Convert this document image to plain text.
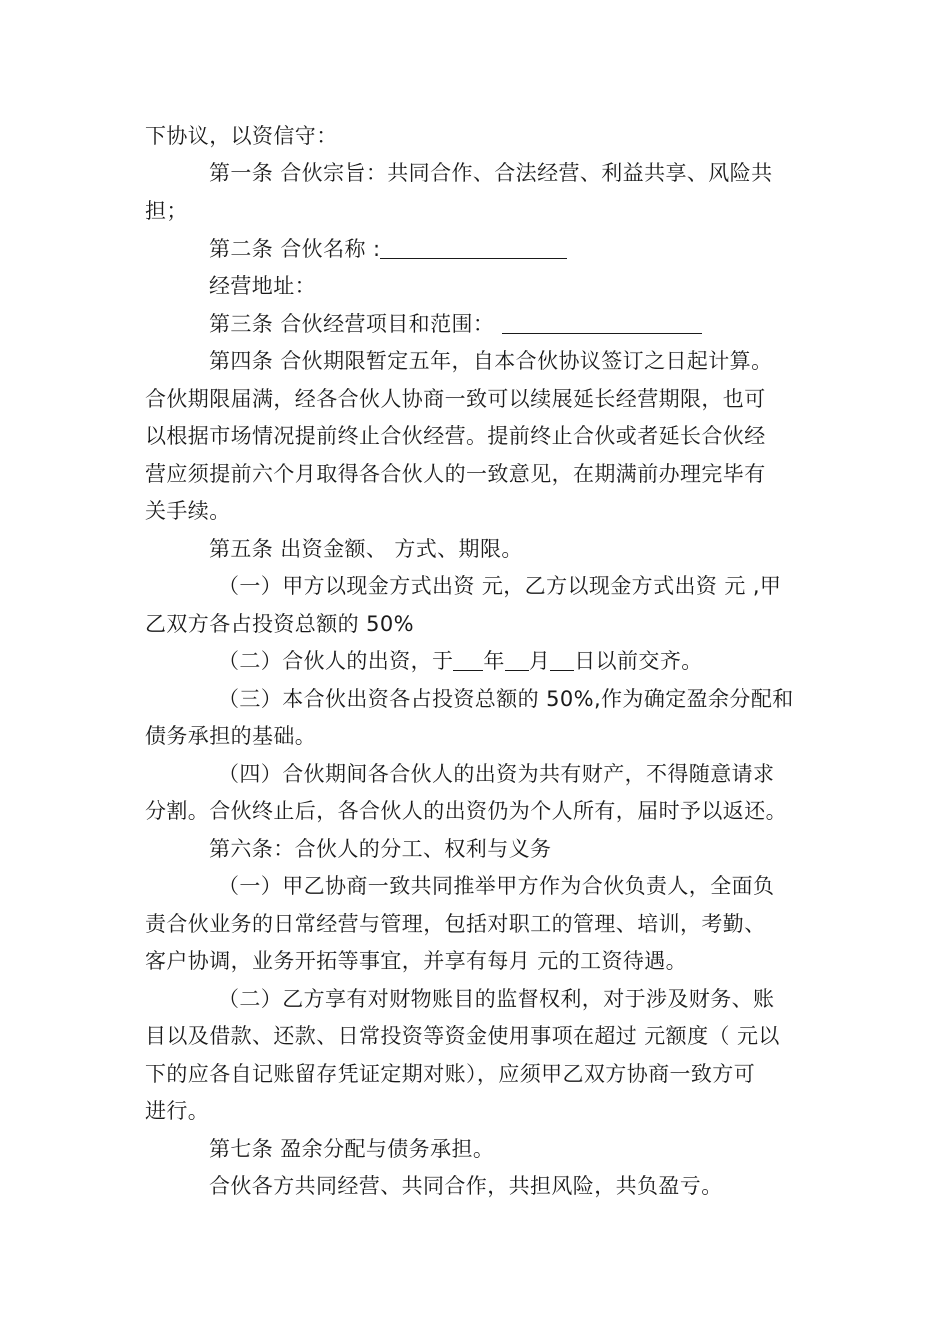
下协议，以资信守：
第一条 合伙宗旨：共同合作、合法经营、利益共享、风险共
担；
第二条 合伙名称 :
经营地址：
第三条 合伙经营项目和范围：
第四条 合伙期限暂定五年，自本合伙协议签订之日起计算。
合伙期限届满，经各合伙人协商一致可以续展延长经营期限，也可
以根据市场情况提前终止合伙经营。提前终止合伙或者延长合伙经
营应须提前六个月取得各合伙人的一致意见，在期满前办理完毕有
关手续。
第五条 出资金额、 方式、期限。
（一）甲方以现金方式出资 元，乙方以现金方式出资 元 ,甲
乙双方各占投资总额的 50%
（二）合伙人的出资，于 年 月 日以前交齐。
（三）本合伙出资各占投资总额的 50%,作为确定盈余分配和
债务承担的基础。
（四）合伙期间各合伙人的出资为共有财产，不得随意请求
分割。合伙终止后，各合伙人的出资仍为个人所有，届时予以返还。
第六条：合伙人的分工、权利与义务
（一）甲乙协商一致共同推举甲方作为合伙负责人，全面负
责合伙业务的日常经营与管理，包括对职工的管理、培训，考勤、
客户协调，业务开拓等事宜，并享有每月 元的工资待遇。
（二）乙方享有对财物账目的监督权利，对于涉及财务、账
目以及借款、还款、日常投资等资金使用事项在超过 元额度（ 元以
下的应各自记账留存凭证定期对账），应须甲乙双方协商一致方可
进行。
第七条 盈余分配与债务承担。
合伙各方共同经营、共同合作，共担风险，共负盈亏。
